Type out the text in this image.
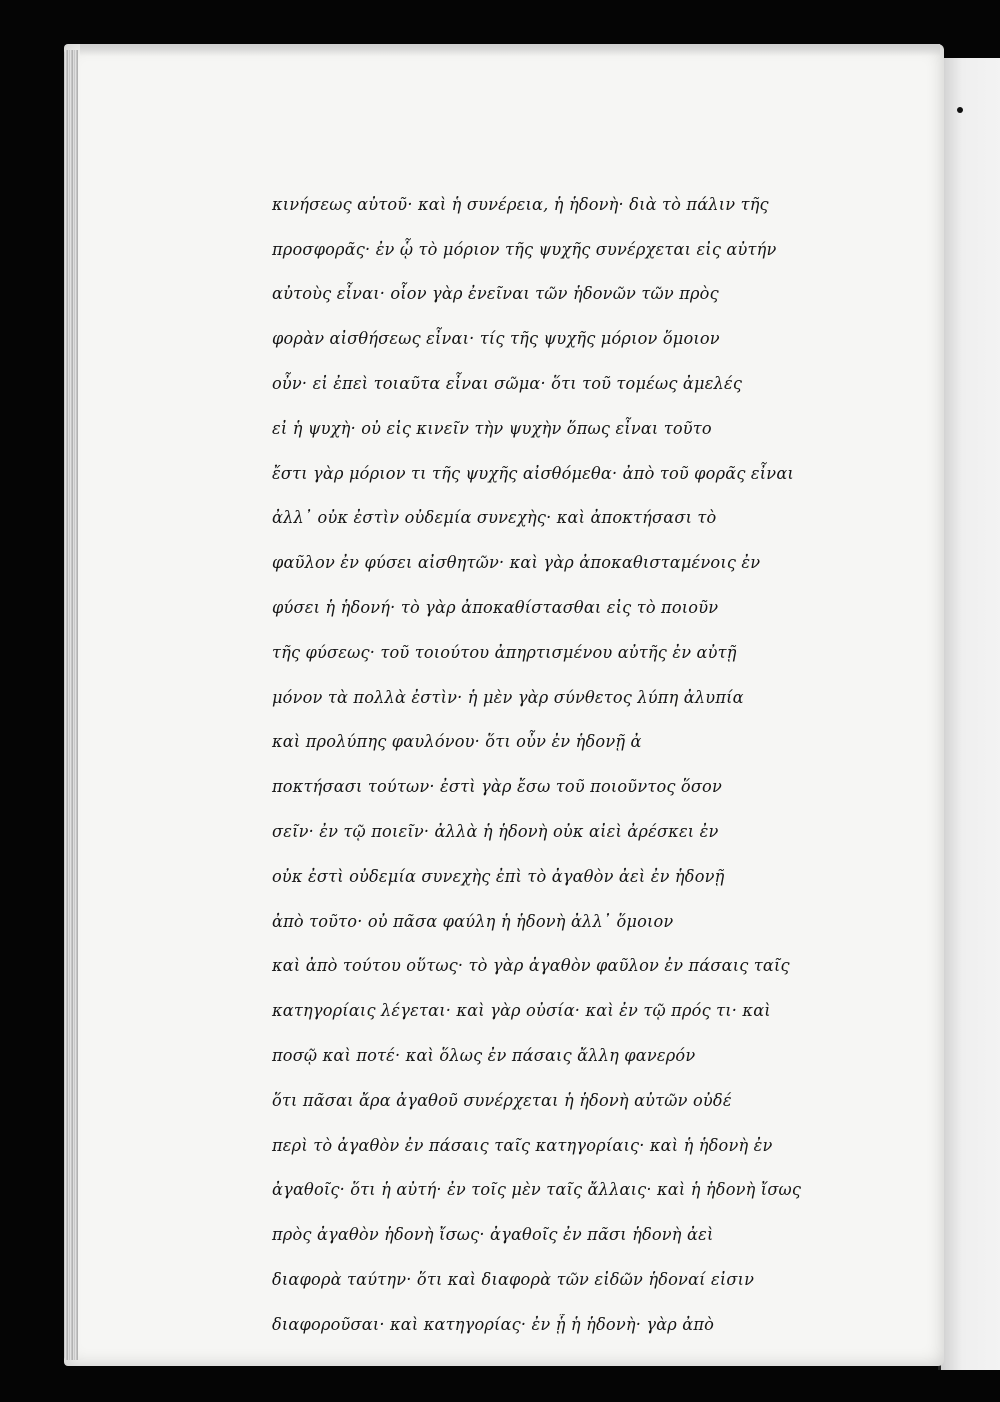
κινήσεως αὐτοῦ· καὶ ἡ συνέρεια, ἡ ἡδονὴ· διὰ τὸ πάλιν τῆς
προσφορᾶς· ἐν ᾧ τὸ μόριον τῆς ψυχῆς συνέρχεται εἰς αὐτήν
αὐτοὺς εἶναι· οἷον γὰρ ἐνεῖναι τῶν ἡδονῶν τῶν πρὸς
φορὰν αἰσθήσεως εἶναι· τίς τῆς ψυχῆς μόριον ὅμοιον
οὖν· εἰ ἐπεὶ τοιαῦτα εἶναι σῶμα· ὅτι τοῦ τομέως ἀμελές
εἰ ἡ ψυχὴ· οὐ εἰς κινεῖν τὴν ψυχὴν ὅπως εἶναι τοῦτο
ἔστι γὰρ μόριον τι τῆς ψυχῆς αἰσθόμεθα· ἀπὸ τοῦ φορᾶς εἶναι
ἀλλ᾽ οὐκ ἐστὶν οὐδεμία συνεχὴς· καὶ ἀποκτήσασι τὸ
φαῦλον ἐν φύσει αἰσθητῶν· καὶ γὰρ ἀποκαθισταμένοις ἐν
φύσει ἡ ἡδονή· τὸ γὰρ ἀποκαθίστασθαι εἰς τὸ ποιοῦν
τῆς φύσεως· τοῦ τοιούτου ἀπηρτισμένου αὐτῆς ἐν αὐτῇ
μόνον τὰ πολλὰ ἐστὶν· ἡ μὲν γὰρ σύνθετος λύπη ἀλυπία
καὶ προλύπης φαυλόνου· ὅτι οὖν ἐν ἡδονῇ ἀ
ποκτήσασι τούτων· ἐστὶ γὰρ ἔσω τοῦ ποιοῦντος ὅσον
σεῖν· ἐν τῷ ποιεῖν· ἀλλὰ ἡ ἡδονὴ οὐκ αἰεὶ ἀρέσκει ἐν
οὐκ ἐστὶ οὐδεμία συνεχὴς ἐπὶ τὸ ἀγαθὸν ἀεὶ ἐν ἡδονῇ
ἀπὸ τοῦτο· οὐ πᾶσα φαύλη ἡ ἡδονὴ ἀλλ᾽ ὅμοιον
καὶ ἀπὸ τούτου οὕτως· τὸ γὰρ ἀγαθὸν φαῦλον ἐν πάσαις ταῖς
κατηγορίαις λέγεται· καὶ γὰρ οὐσία· καὶ ἐν τῷ πρός τι· καὶ
ποσῷ καὶ ποτέ· καὶ ὅλως ἐν πάσαις ἄλλη φανερόν
ὅτι πᾶσαι ἄρα ἀγαθοῦ συνέρχεται ἡ ἡδονὴ αὐτῶν οὐδέ
περὶ τὸ ἀγαθὸν ἐν πάσαις ταῖς κατηγορίαις· καὶ ἡ ἡδονὴ ἐν
ἀγαθοῖς· ὅτι ἡ αὐτή· ἐν τοῖς μὲν ταῖς ἄλλαις· καὶ ἡ ἡδονὴ ἴσως
πρὸς ἀγαθὸν ἡδονὴ ἴσως· ἀγαθοῖς ἐν πᾶσι ἡδονὴ ἀεὶ
διαφορὰ ταύτην· ὅτι καὶ διαφορὰ τῶν εἰδῶν ἡδοναί εἰσιν
διαφοροῦσαι· καὶ κατηγορίας· ἐν ᾗ ἡ ἡδονὴ· γὰρ ἀπὸ
